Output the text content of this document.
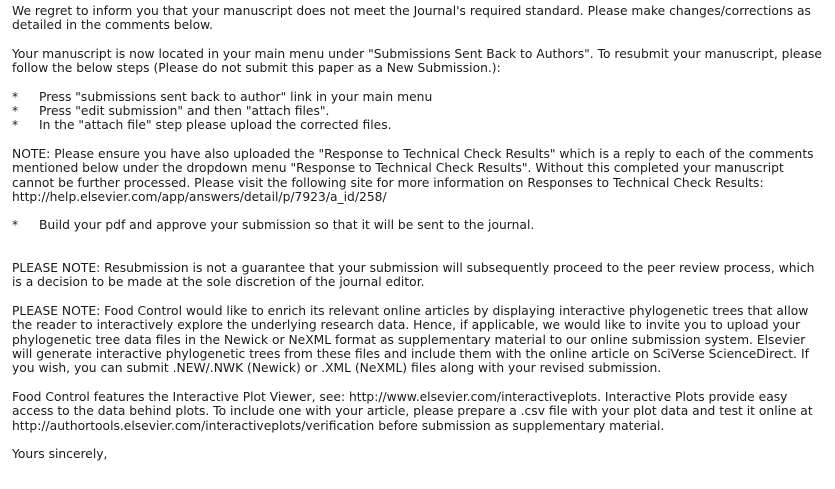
We regret to inform you that your manuscript does not meet the Journal's required standard. Please make changes/corrections as detailed in the comments below.

Your manuscript is now located in your main menu under "Submissions Sent Back to Authors". To resubmit your manuscript, please follow the below steps (Please do not submit this paper as a New Submission.):

* Press "submissions sent back to author" link in your main menu
* Press "edit submission" and then "attach files".
* In the "attach file" step please upload the corrected files.

NOTE: Please ensure you have also uploaded the "Response to Technical Check Results" which is a reply to each of the comments mentioned below under the dropdown menu "Response to Technical Check Results". Without this completed your manuscript cannot be further processed. Please visit the following site for more information on Responses to Technical Check Results: http://help.elsevier.com/app/answers/detail/p/7923/a_id/258/

* Build your pdf and approve your submission so that it will be sent to the journal.

PLEASE NOTE: Resubmission is not a guarantee that your submission will subsequently proceed to the peer review process, which is a decision to be made at the sole discretion of the journal editor.

PLEASE NOTE: Food Control would like to enrich its relevant online articles by displaying interactive phylogenetic trees that allow the reader to interactively explore the underlying research data. Hence, if applicable, we would like to invite you to upload your phylogenetic tree data files in the Newick or NeXML format as supplementary material to our online submission system. Elsevier will generate interactive phylogenetic trees from these files and include them with the online article on SciVerse ScienceDirect. If you wish, you can submit .NEW/.NWK (Newick) or .XML (NeXML) files along with your revised submission.

Food Control features the Interactive Plot Viewer, see: http://www.elsevier.com/interactiveplots. Interactive Plots provide easy access to the data behind plots. To include one with your article, please prepare a .csv file with your plot data and test it online at http://authortools.elsevier.com/interactiveplots/verification before submission as supplementary material.

Yours sincerely,
